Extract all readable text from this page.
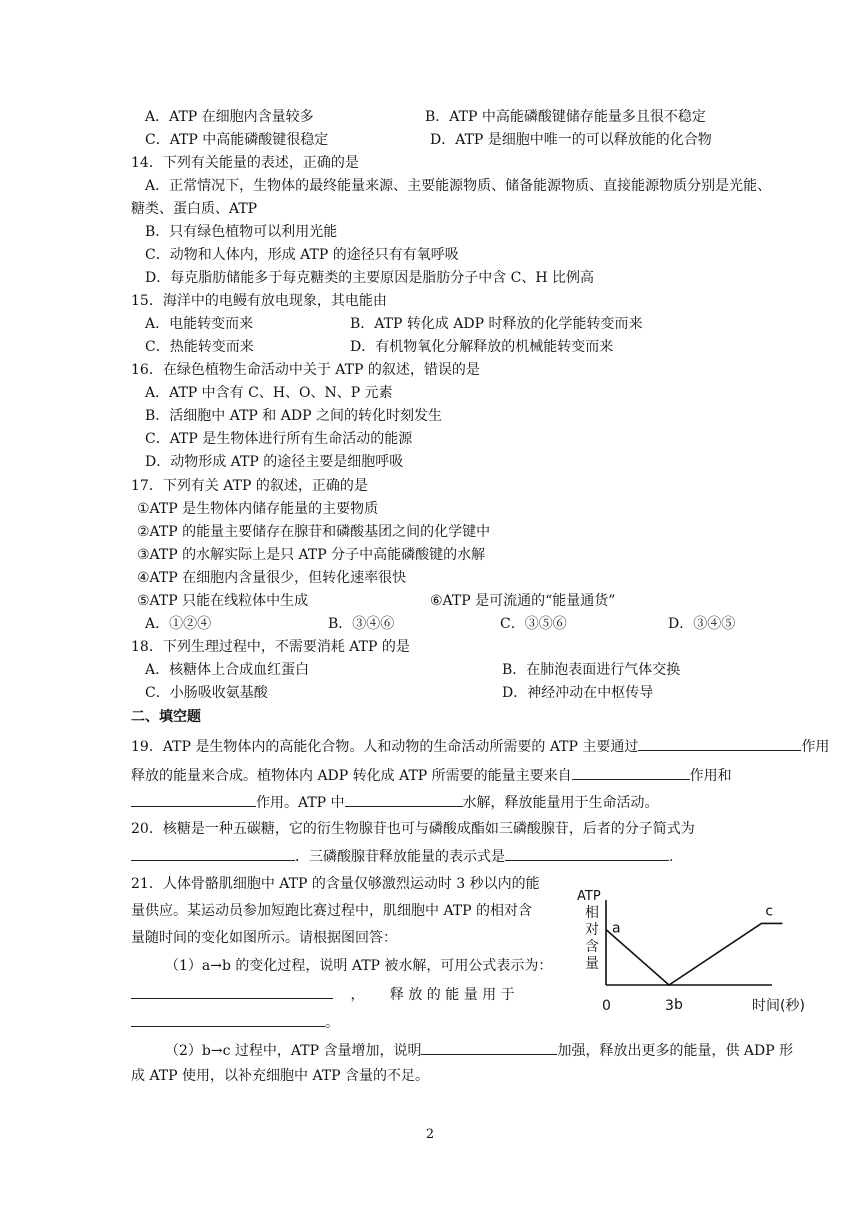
A．ATP 在细胞内含量较多	B．ATP 中高能磷酸键储存能量多且很不稳定
C．ATP 中高能磷酸键很稳定	D．ATP 是细胞中唯一的可以释放能的化合物
14．下列有关能量的表述，正确的是
A．正常情况下，生物体的最终能量来源、主要能源物质、储备能源物质、直接能源物质分别是光能、
糖类、蛋白质、ATP
B．只有绿色植物可以利用光能
C．动物和人体内，形成 ATP 的途径只有有氧呼吸
D．每克脂肪储能多于每克糖类的主要原因是脂肪分子中含 C、H 比例高
15．海洋中的电鳗有放电现象，其电能由
A．电能转变而来	B．ATP 转化成 ADP 时释放的化学能转变而来
C．热能转变而来	D．有机物氧化分解释放的机械能转变而来
16．在绿色植物生命活动中关于 ATP 的叙述，错误的是
A．ATP 中含有 C、H、O、N、P 元素
B．活细胞中 ATP 和 ADP 之间的转化时刻发生
C．ATP 是生物体进行所有生命活动的能源
D．动物形成 ATP 的途径主要是细胞呼吸
17．下列有关 ATP 的叙述，正确的是
①ATP 是生物体内储存能量的主要物质
②ATP 的能量主要储存在腺苷和磷酸基团之间的化学键中
③ATP 的水解实际上是只 ATP 分子中高能磷酸键的水解
④ATP 在细胞内含量很少，但转化速率很快
⑤ATP 只能在线粒体中生成	⑥ATP 是可流通的“能量通货”
A．①②④	B．③④⑥	C．③⑤⑥	D．③④⑤
18．下列生理过程中，不需要消耗 ATP 的是
A．核糖体上合成血红蛋白	B．在肺泡表面进行气体交换
C．小肠吸收氨基酸	D．神经冲动在中枢传导
二、填空题
19．ATP 是生物体内的高能化合物。人和动物的生命活动所需要的 ATP 主要通过	作用
释放的能量来合成。植物体内 ADP 转化成 ATP 所需要的能量主要来自	作用和
作用。ATP 中	水解，释放能量用于生命活动。
20．核糖是一种五碳糖，它的衍生物腺苷也可与磷酸成酯如三磷酸腺苷，后者的分子简式为
．三磷酸腺苷释放能量的表示式是	.
21．人体骨骼肌细胞中 ATP 的含量仅够激烈运动时 3 秒以内的能
量供应。某运动员参加短跑比赛过程中，肌细胞中 ATP 的相对含
量随时间的变化如图所示。请根据图回答：
（1）a→b 的变化过程，说明 ATP 被水解，可用公式表示为：
， 释 放 的 能 量 用 于
。
（2）b→c 过程中，ATP 含量增加，说明	加强，释放出更多的能量，供 ADP 形
成 ATP 使用，以补充细胞中 ATP 含量的不足。
ATP
相
对
含
量
a
b
c
0	3	时间(秒)
2
